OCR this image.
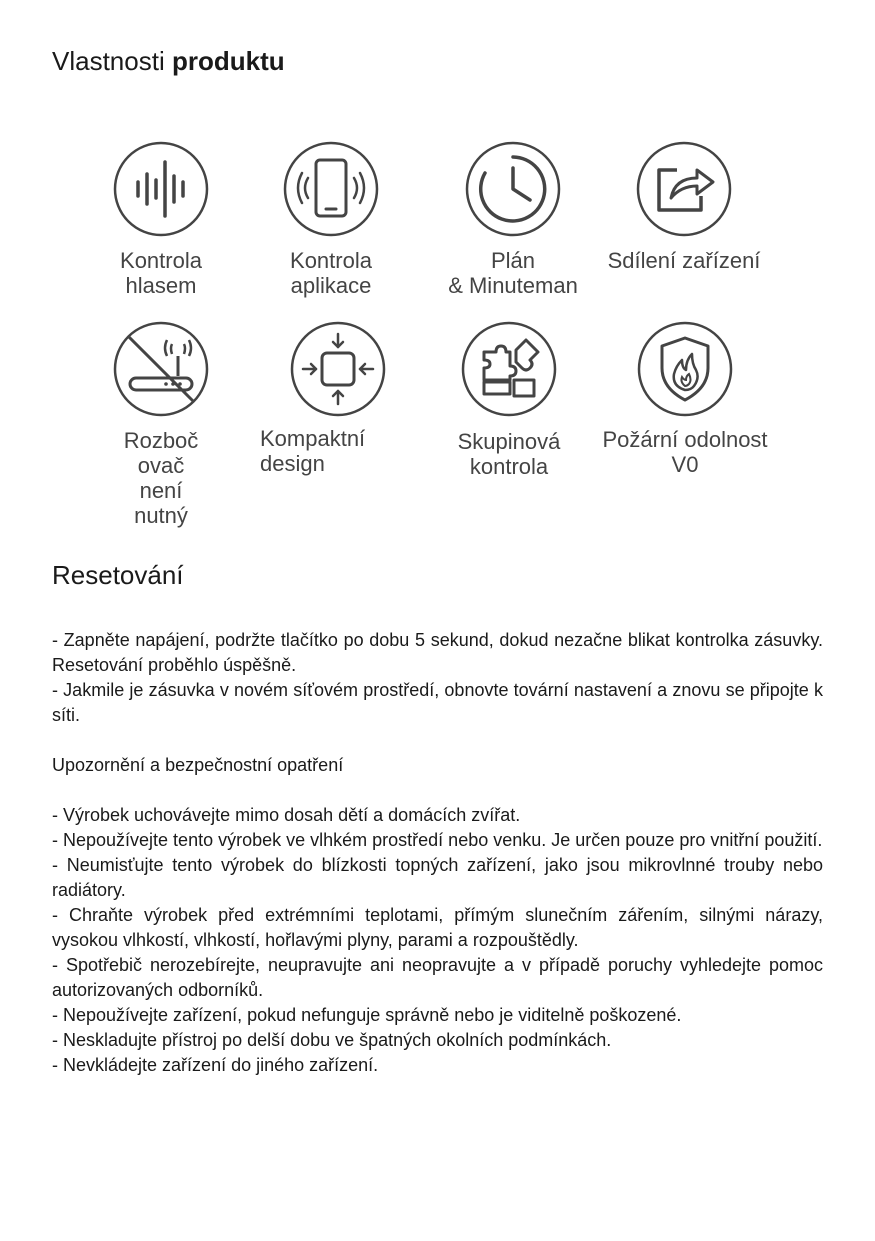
Vlastnosti produktu
Kontrola
hlasem
Kontrola
aplikace
Plán
& Minuteman
Sdílení zařízení
Rozboč
ovač
není
nutný
Kompaktní
design
Skupinová
kontrola
Požární odolnost
V0
Resetování

- Zapněte napájení, podržte tlačítko po dobu 5 sekund, dokud nezačne blikat kontrolka zásuvky. Resetování proběhlo úspěšně.

- Jakmile je zásuvka v novém síťovém prostředí, obnovte tovární nastavení a znovu se připojte k síti.

Upozornění a bezpečnostní opatření

- Výrobek uchovávejte mimo dosah dětí a domácích zvířat.

- Nepoužívejte tento výrobek ve vlhkém prostředí nebo venku. Je určen pouze pro vnitřní použití.

- Neumisťujte tento výrobek do blízkosti topných zařízení, jako jsou mikrovlnné trouby nebo radiátory.

- Chraňte výrobek před extrémními teplotami, přímým slunečním zářením, silnými nárazy, vysokou vlhkostí, vlhkostí, hořlavými plyny, parami a rozpouštědly.

- Spotřebič nerozebírejte, neupravujte ani neopravujte a v případě poruchy vyhledejte pomoc autorizovaných odborníků.

- Nepoužívejte zařízení, pokud nefunguje správně nebo je viditelně poškozené.

- Neskladujte přístroj po delší dobu ve špatných okolních podmínkách.

- Nevkládejte zařízení do jiného zařízení.
